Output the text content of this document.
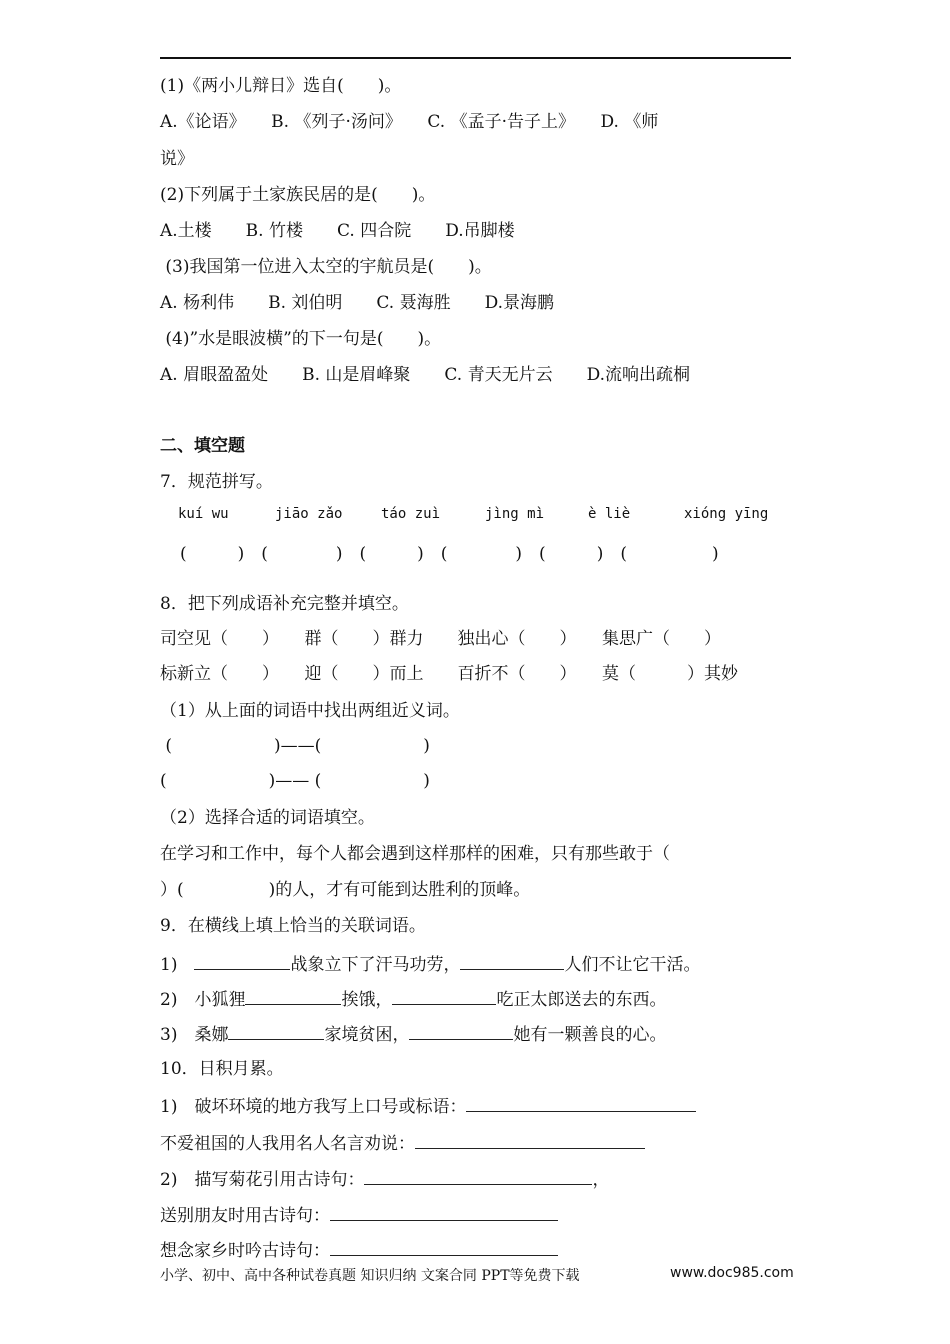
(1)《两小儿辩日》选自(　　)。
A.《论语》　　B. 《列子·汤问》　　C. 《孟子·告子上》　　D. 《师
说》
(2)下列属于土家族民居的是(　　)。
A.土楼　　B. 竹楼　　C. 四合院　　D.吊脚楼
(3)我国第一位进入太空的宇航员是(　　)。
A. 杨利伟　　B. 刘伯明　　C. 聂海胜　　D.景海鹏
(4)”水是眼波横”的下一句是(　　)。
A. 眉眼盈盈处　　B. 山是眉峰聚　　C. 青天无片云　　D.流响出疏桐
二、填空题
7．规范拼写。
kuí wu	jiāo zǎo	táo zuì	jìng mì	è liè	xióng yīng
(　　　)　(　　　　)　(　　　)　(　　　　)　(　　　)　(　　　　　)
8．把下列成语补充完整并填空。
司空见（　　）　　群（　　）群力　　独出心（　　）　　集思广（　　）
标新立（　　）　　迎（　　）而上　　百折不（　　）　　莫（　　　）其妙
（1）从上面的词语中找出两组近义词。
(　　　　　　)——(　　　　　　)
(　　　　　　)—— (　　　　　　)
（2）选择合适的词语填空。
在学习和工作中，每个人都会遇到这样那样的困难，只有那些敢于（
）(　　　　　)的人，才有可能到达胜利的顶峰。
9．在横线上填上恰当的关联词语。
1)　	战象立下了汗马功劳，	人们不让它干活。
2)　小狐狸	挨饿，	吃正太郎送去的东西。
3)　桑娜	家境贫困，	她有一颗善良的心。
10．日积月累。
1)　破坏环境的地方我写上口号或标语：
不爱祖国的人我用名人名言劝说：
2)　描写菊花引用古诗句：	，
送别朋友时用古诗句：
想念家乡时吟古诗句：
小学、初中、高中各种试卷真题 知识归纳 文案合同 PPT等免费下载	www.doc985.com
